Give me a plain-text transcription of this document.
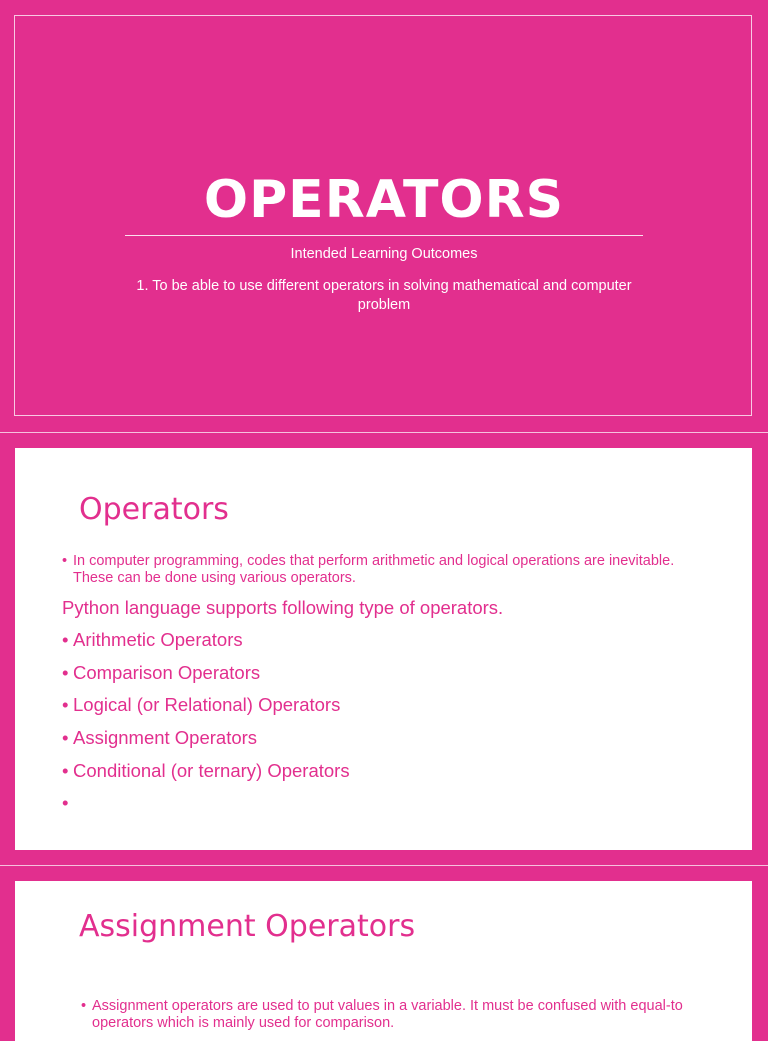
OPERATORS
Intended Learning Outcomes
1. To be able to use different operators in solving mathematical and computer problem
Operators
• In computer programming, codes that perform arithmetic and logical operations are inevitable. These can be done using various operators.
Python language supports following type of operators.
• Arithmetic Operators
• Comparison Operators
• Logical (or Relational) Operators
• Assignment Operators
• Conditional (or ternary) Operators
•
Assignment Operators
• Assignment operators are used to put values in a variable. It must be confused with equal-to operators which is mainly used for comparison.
